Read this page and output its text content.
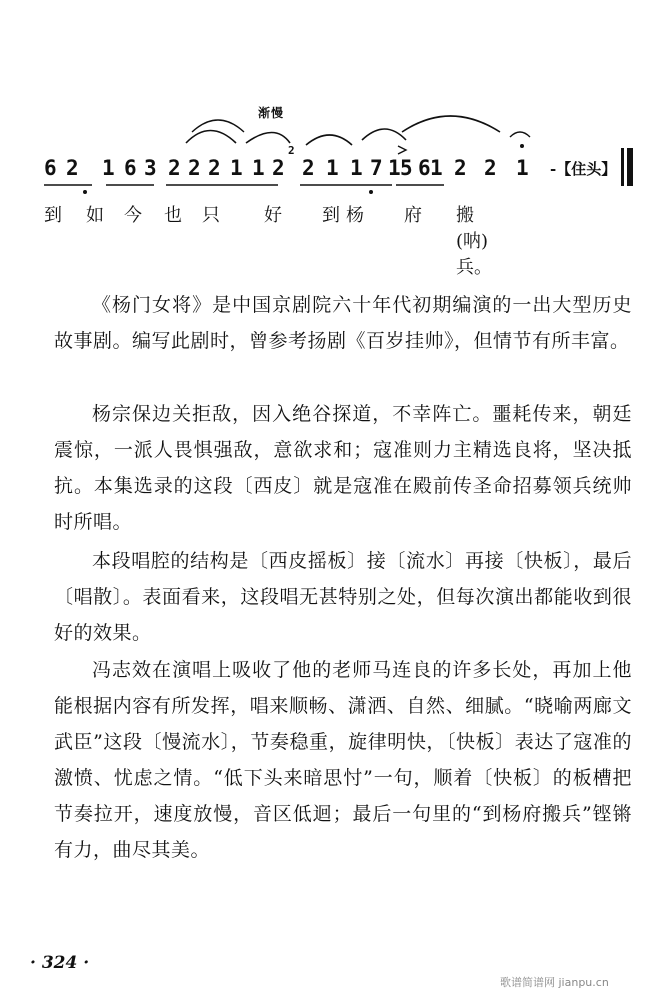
渐慢

6

2

1

6

3

2

2

2

1

1

2

2

1

1

7

1

5

6

1

2

2

1

2

-【住头】
到 如 今 也 只 好 到 杨 府 搬(呐)兵。

《杨门女将》是中国京剧院六十年代初期编演的一出大型历史故事剧。编写此剧时，曾参考扬剧《百岁挂帅》，但情节有所丰富。

杨宗保边关拒敌，因入绝谷探道，不幸阵亡。噩耗传来，朝廷震惊，一派人畏惧强敌，意欲求和；寇准则力主精选良将，坚决抵抗。本集选录的这段〔西皮〕就是寇准在殿前传圣命招募领兵统帅时所唱。

本段唱腔的结构是〔西皮摇板〕接〔流水〕再接〔快板〕，最后〔唱散〕。表面看来，这段唱无甚特别之处，但每次演出都能收到很好的效果。

冯志效在演唱上吸收了他的老师马连良的许多长处，再加上他能根据内容有所发挥，唱来顺畅、潇洒、自然、细腻。“晓喻两廊文武臣”这段〔慢流水〕，节奏稳重，旋律明快，〔快板〕表达了寇准的激愤、忧虑之情。“低下头来暗思忖”一句，顺着〔快板〕的板槽把节奏拉开，速度放慢，音区低迴；最后一句里的“到杨府搬兵”铿锵有力，曲尽其美。

· 324 ·
歌谱简谱网 jianpu.cn
